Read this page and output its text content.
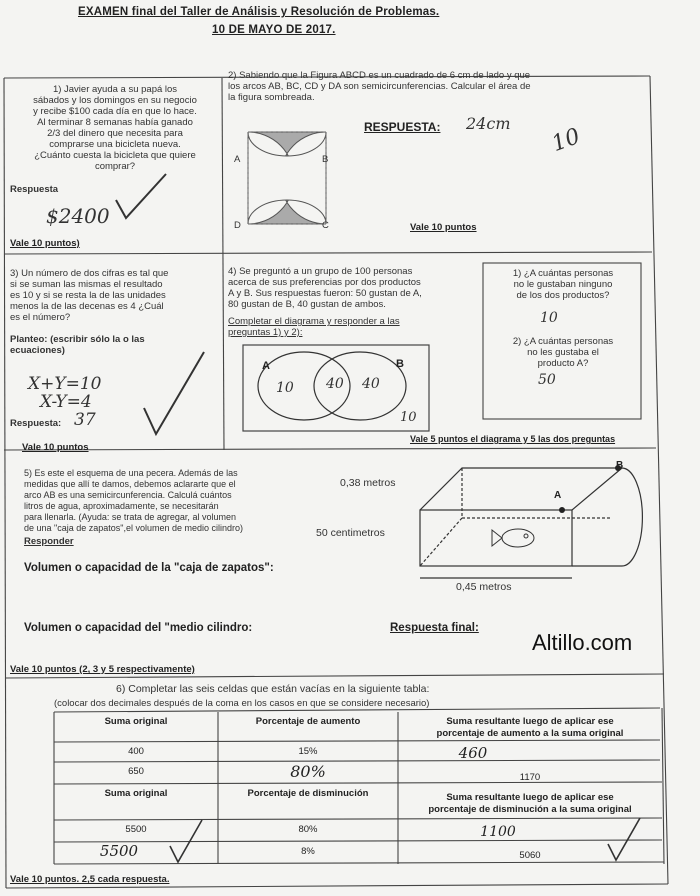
EXAMEN final del Taller de Análisis y Resolución de Problemas.
10 DE MAYO DE 2017.
1) Javier ayuda a su papá los
sábados y los domingos en su negocio
y recibe $100 cada día en que lo hace.
Al terminar 8 semanas había ganado
2/3 del dinero que necesita para
comprarse una bicicleta nueva.
¿Cuánto cuesta la bicicleta que quiere
comprar?
Respuesta
$2400
Vale 10 puntos)
2) Sabiendo que la Figura ABCD es un cuadrado de 6 cm de lado y que
los arcos AB, BC, CD y DA son semicircunferencias. Calcular el área de
la figura sombreada.
RESPUESTA: 24cm
10
A	B
D	C	Vale 10 puntos
3) Un número de dos cifras es tal que
si se suman las mismas el resultado
es 10 y si se resta la de las unidades
menos la de las decenas es 4 ¿Cuál
es el número?
Planteo: (escribir sólo la o las
ecuaciones)
X+Y=10
X-Y=4
Respuesta: 37
Vale 10 puntos
4) Se preguntó a un grupo de 100 personas
acerca de sus preferencias por dos productos
A y B. Sus respuestas fueron: 50 gustan de A,
80 gustan de B, 40 gustan de ambos.
Completar el diagrama y responder a las
preguntas 1) y 2):
A	B
10 40 40
10
1) ¿A cuántas personas
no le gustaban ninguno
de los dos productos?
10
2) ¿A cuántas personas
no les gustaba el
producto A?
50
Vale 5 puntos el diagrama y 5 las dos preguntas
5) Es este el esquema de una pecera. Además de las
medidas que allí te damos, debemos aclararte que el
arco AB es una semicircunferencia. Calculá cuántos
litros de agua, aproximadamente, se necesitarán
para llenarla. (Ayuda: se trata de agregar, al volumen
de una "caja de zapatos",el volumen de medio cilindro)
Responder
Volumen o capacidad de la "caja de zapatos":
Volumen o capacidad del "medio cilindro:	Respuesta final:
Altillo.com
0,38 metros
50 centimetros
0,45 metros
A
B
Vale 10 puntos (2, 3 y 5 respectivamente)
6) Completar las seis celdas que están vacías en la siguiente tabla:
(colocar dos decimales después de la coma en los casos en que se considere necesario)
Suma original	Porcentaje de aumento	Suma resultante luego de aplicar ese
porcentaje de aumento a la suma original
400	15%	460
650	80%	1170
Suma original	Porcentaje de disminución	Suma resultante luego de aplicar ese
porcentaje de disminución a la suma original
5500	80%	1100
5500	8%	5060
Vale 10 puntos. 2,5 cada respuesta.
